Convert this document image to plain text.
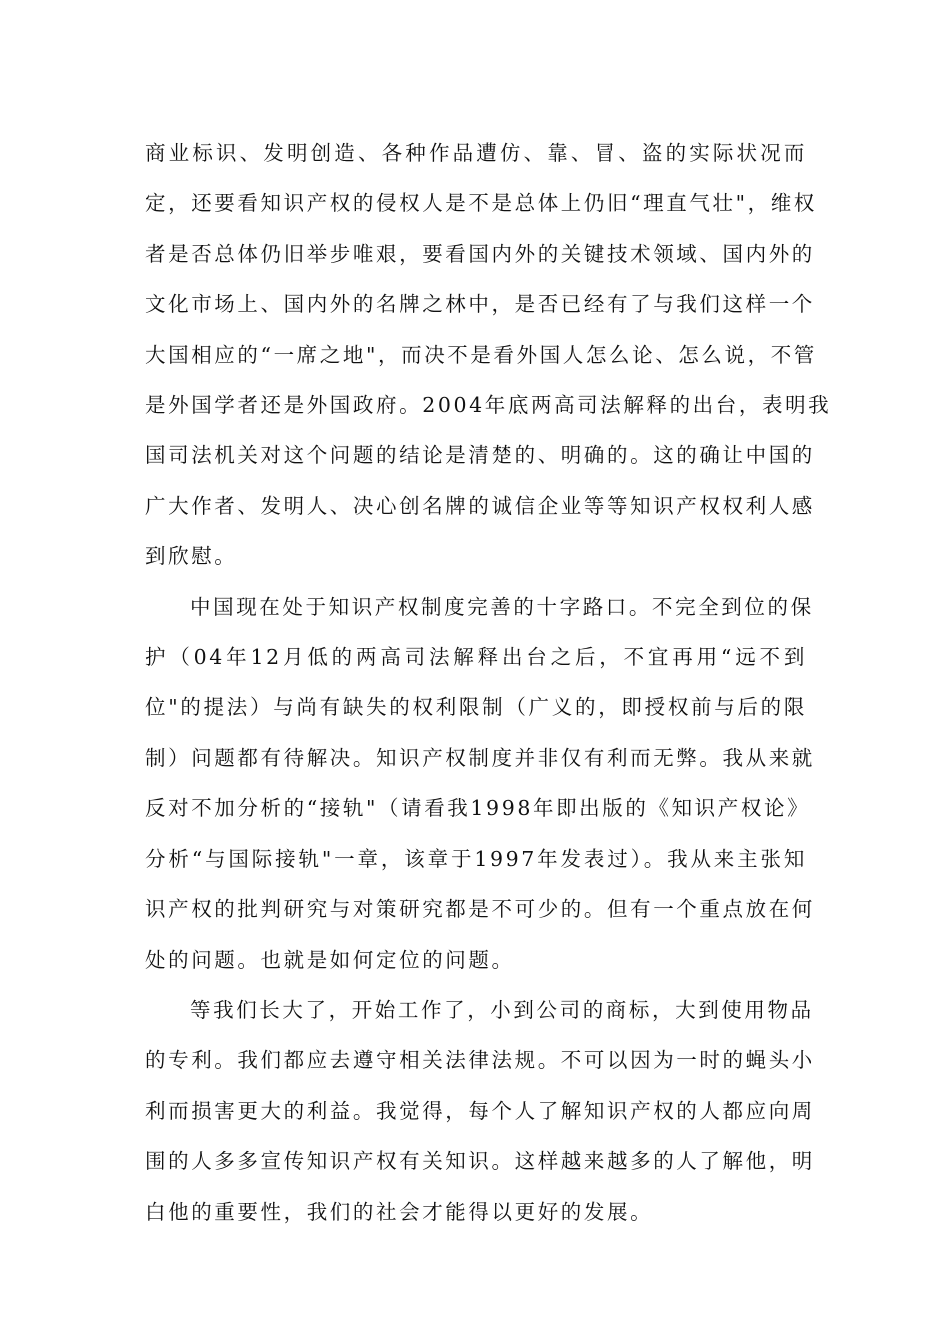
商业标识、发明创造、各种作品遭仿、靠、冒、盗的实际状况而
定，还要看知识产权的侵权人是不是总体上仍旧“理直气壮"，维权
者是否总体仍旧举步唯艰，要看国内外的关键技术领域、国内外的
文化市场上、国内外的名牌之林中，是否已经有了与我们这样一个
大国相应的“一席之地"，而决不是看外国人怎么论、怎么说，不管
是外国学者还是外国政府。2004年底两高司法解释的出台，表明我
国司法机关对这个问题的结论是清楚的、明确的。这的确让中国的
广大作者、发明人、决心创名牌的诚信企业等等知识产权权利人感
到欣慰。

中国现在处于知识产权制度完善的十字路口。不完全到位的保
护（04年12月低的两高司法解释出台之后，不宜再用“远不到
位"的提法）与尚有缺失的权利限制（广义的，即授权前与后的限
制）问题都有待解决。知识产权制度并非仅有利而无弊。我从来就
反对不加分析的“接轨"（请看我1998年即出版的《知识产权论》
分析“与国际接轨"一章，该章于1997年发表过）。我从来主张知
识产权的批判研究与对策研究都是不可少的。但有一个重点放在何
处的问题。也就是如何定位的问题。

等我们长大了，开始工作了，小到公司的商标，大到使用物品
的专利。我们都应去遵守相关法律法规。不可以因为一时的蝇头小
利而损害更大的利益。我觉得，每个人了解知识产权的人都应向周
围的人多多宣传知识产权有关知识。这样越来越多的人了解他，明
白他的重要性，我们的社会才能得以更好的发展。
